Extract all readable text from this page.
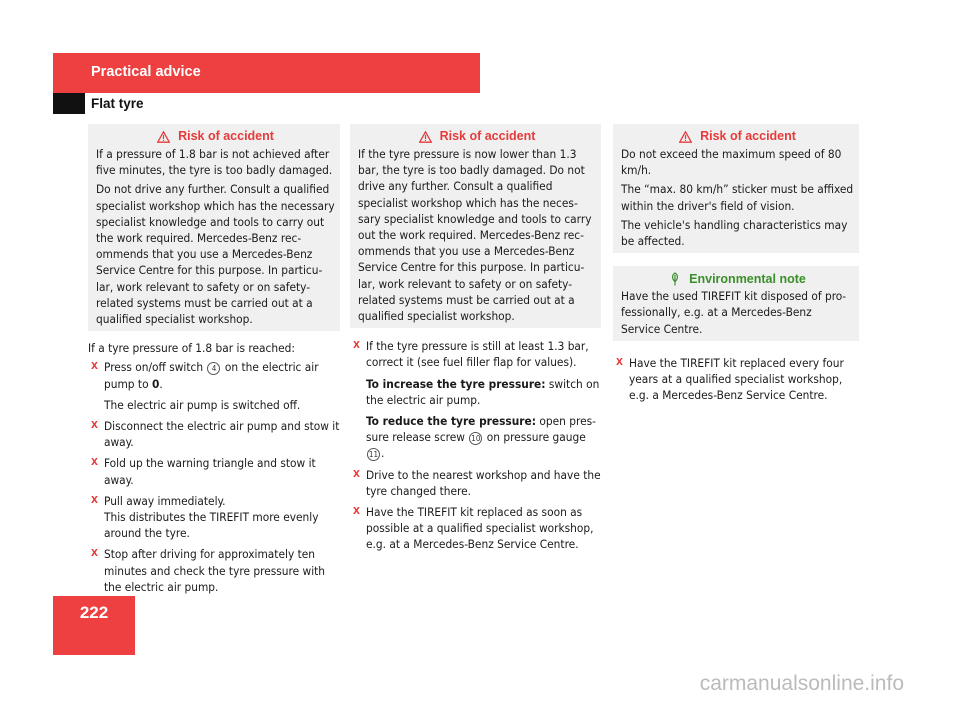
Practical advice
Flat tyre
Risk of accident

If a pressure of 1.8 bar is not achieved after five minutes, the tyre is too badly damaged.

Do not drive any further. Consult a qualified specialist workshop which has the necessary specialist knowledge and tools to carry out the work required. Mercedes-Benz recommends that you use a Mercedes-Benz Service Centre for this purpose. In particular, work relevant to safety or on safety-related systems must be carried out at a qualified specialist workshop.

If a tyre pressure of 1.8 bar is reached:

X Press on/off switch 4 on the electric air pump to 0.
The electric air pump is switched off.
X Disconnect the electric air pump and stow it away.
X Fold up the warning triangle and stow it away.
X Pull away immediately.
This distributes the TIREFIT more evenly around the tyre.
X Stop after driving for approximately ten minutes and check the tyre pressure with the electric air pump.
Risk of accident

If the tyre pressure is now lower than 1.3 bar, the tyre is too badly damaged. Do not drive any further. Consult a qualified specialist workshop which has the necessary specialist knowledge and tools to carry out the work required. Mercedes-Benz recommends that you use a Mercedes-Benz Service Centre for this purpose. In particular, work relevant to safety or on safety-related systems must be carried out at a qualified specialist workshop.

X If the tyre pressure is still at least 1.3 bar, correct it (see fuel filler flap for values).
To increase the tyre pressure: switch on the electric air pump.
To reduce the tyre pressure: open pressure release screw 10 on pressure gauge 11 .
X Drive to the nearest workshop and have the tyre changed there.
X Have the TIREFIT kit replaced as soon as possible at a qualified specialist workshop, e.g. at a Mercedes-Benz Service Centre.
Risk of accident

Do not exceed the maximum speed of 80 km/h.

The “max. 80 km/h” sticker must be affixed within the driver's field of vision.

The vehicle's handling characteristics may be affected.

Environmental note

Have the used TIREFIT kit disposed of professionally, e.g. at a Mercedes-Benz Service Centre.

X Have the TIREFIT kit replaced every four years at a qualified specialist workshop, e.g. a Mercedes-Benz Service Centre.
222
carmanualsonline.info
